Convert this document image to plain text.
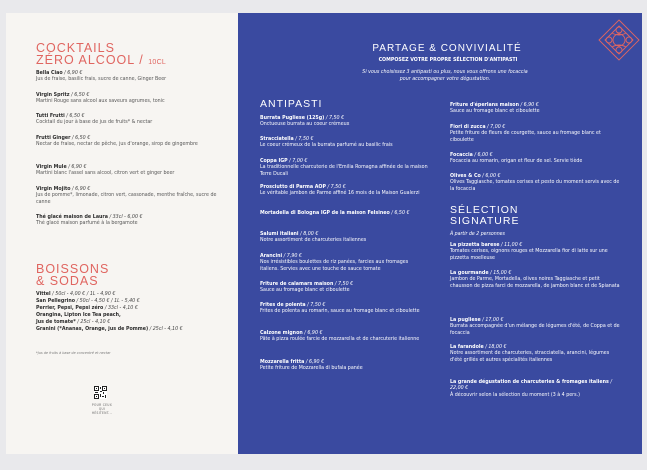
COCKTAILS
ZÉRO ALCOOL / 10CL
Bella Ciao / 6,90 €
Jus de fraise, basilic frais, sucre de canne, Ginger Beer
Virgin Spritz / 6,50 €
Martini Rouge sans alcool aux saveurs agrumes, tonic
Tutti Frutti / 6,50 €
Cocktail du jour à base de jus de fruits* & nectar
Frutti Ginger / 6,50 €
Nectar de fraise, nectar de pêche, jus d'orange, sirop de gingembre
Virgin Mule / 6,90 €
Martini blanc l'assel sans alcool, citron vert et ginger beer
Virgin Mojito / 6,90 €
Jus de pomme*, limonade, citron vert, cassonade, menthe fraîche, sucre de canne
Thé glacé maison de Laura / 33cl - 6,00 €
Thé glacé maison parfumé à la bergamote
BOISSONS
& SODAS
Vittel / 50cl - 4,00 € / 1L - 4,90 €
San Pellegrino / 50cl - 4,50 € / 1L - 5,40 €
Perrier, Pepsi, Pepsi zéro / 33cl - 4,10 €
Orangina, Lipton Ice Tea peach,
Jus de tomate* / 25cl - 4,10 €
Granini (*Ananas, Orange, jus de Pomme) / 25cl - 4,10 €
*Jus de fruits à base de concentré et nectar
POUR CEUX QUI HÉSITENT...
PARTAGE & CONVIVIALITÉ
COMPOSEZ VOTRE PROPRE SÉLECTION D'ANTIPASTI
Si vous choisissez 3 antipasti ou plus, nous vous offrons une focaccia
pour accompagner votre dégustation.
ANTIPASTI
Burrata Pugliese (125g) / 7,50 €
Onctueuse burrata au coeur crémeux
Stracciatella / 7,50 €
Le coeur crémeux de la burrata parfumé au basilic frais
Coppa IGP / 7,00 €
La traditionnelle charcuterie de l'Emilia Romagna affinée de la maison Terre Ducali
Prosciutto di Parma AOP / 7,50 €
Le véritable jambon de Parme affiné 16 mois de la Maison Gualerzi
Mortadella di Bologna IGP de la maison Felsineo / 6,50 €
Salumi italiani / 8,00 €
Notre assortiment de charcuteries italiennes
Arancini / 7,90 €
Nos irrésistibles boulettes de riz panées, farcies aux fromages italiens. Servies avec une touche de sauce tomate
Friture de calamars maison / 7,50 €
Sauce au fromage blanc et ciboulette
Frites de polenta / 7,50 €
Frites de polenta au romarin, sauce au fromage blanc et ciboulette
Calzone mignon / 6,90 €
Pâte à pizza roulée farcie de mozzarella et de charcuterie italienne
Mozzarella fritta / 6,90 €
Petite friture de Mozzarella di bufala panée
Friture d'éperlans maison / 6,90 €
Sauce au fromage blanc et ciboulette
Fiori di zucca / 7,00 €
Petite friture de fleurs de courgette, sauce au fromage blanc et ciboulette
Focaccia / 6,00 €
Focaccia au romarin, origan et fleur de sel. Servie tiède
Olives & Co / 6,00 €
Olives Taggiasche, tomates cerises et pesto du moment servis avec de la focaccia
SÉLECTION
SIGNATURE
À partir de 2 personnes
La pizzetta barese / 11,00 €
Tomates cerises, oignons rouges et Mozzarella fior di latte sur une pizzetta moelleuse
La gourmande / 15,00 €
Jambon de Parme, Mortadella, olives noires Taggiasche et petit chausson de pizza farci de mozzarella, de jambon blanc et de Spianata
La pugliese / 17,00 €
Burrata accompagnée d'un mélange de légumes d'été, de Coppa et de focaccia
La farandole / 18,00 €
Notre assortiment de charcuteries, stracciatella, arancini, légumes d'été grillés et autres spécialités italiennes
La grande dégustation de charcuteries & fromages italiens / 22,00 €
À découvrir selon la sélection du moment (3 à 4 pers.)
